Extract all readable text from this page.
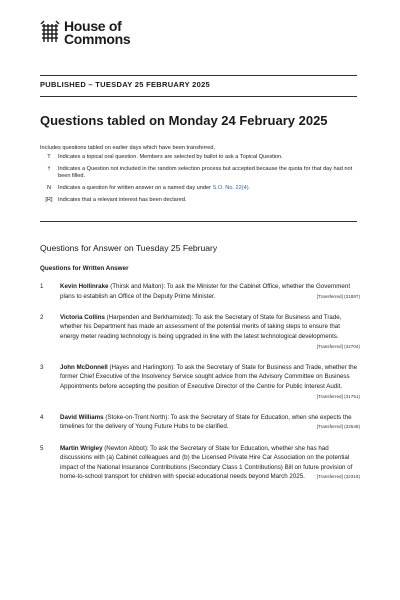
House of
Commons
PUBLISHED – TUESDAY 25 FEBRUARY 2025
Questions tabled on Monday 24 February 2025
Includes questions tabled on earlier days which have been transferred.
T	Indicates a topical oral question. Members are selected by ballot to ask a Topical Question.
†	Indicates a Question not included in the random selection process but accepted because the quota for that day had not been filled.
N	Indicates a question for written answer on a named day under S.O. No. 22(4).
[R] Indicates that a relevant interest has been declared.
Questions for Answer on Tuesday 25 February
Questions for Written Answer
1	Kevin Hollinrake (Thirsk and Malton): To ask the Minister for the Cabinet Office, whether the Government plans to establish an Office of the Deputy Prime Minister.	[Transferred] (31887)
2	Victoria Collins (Harpenden and Berkhamsted): To ask the Secretary of State for Business and Trade, whether his Department has made an assessment of the potential merits of taking steps to ensure that energy meter reading technology is being upgraded in line with the latest technological developments.
[Transferred] (32704)
3	John McDonnell (Hayes and Harlington): To ask the Secretary of State for Business and Trade, whether the former Chief Executive of the Insolvency Service sought advice from the Advisory Committee on Business Appointments before accepting the position of Executive Director of the Centre for Public Interest Audit.
[Transferred] (31751)
4	David Williams (Stoke-on-Trent North): To ask the Secretary of State for Education, when she expects the timelines for the delivery of Young Future Hubs to be clarified.	[Transferred] (32548)
5	Martin Wrigley (Newton Abbot): To ask the Secretary of State for Education, whether she has had discussions with (a) Cabinet colleagues and (b) the Licensed Private Hire Car Association on the potential impact of the National Insurance Contributions (Secondary Class 1 Contributions) Bill on future provision of home-to-school transport for children with special educational needs beyond March 2025.	[Transferred] (32316)
